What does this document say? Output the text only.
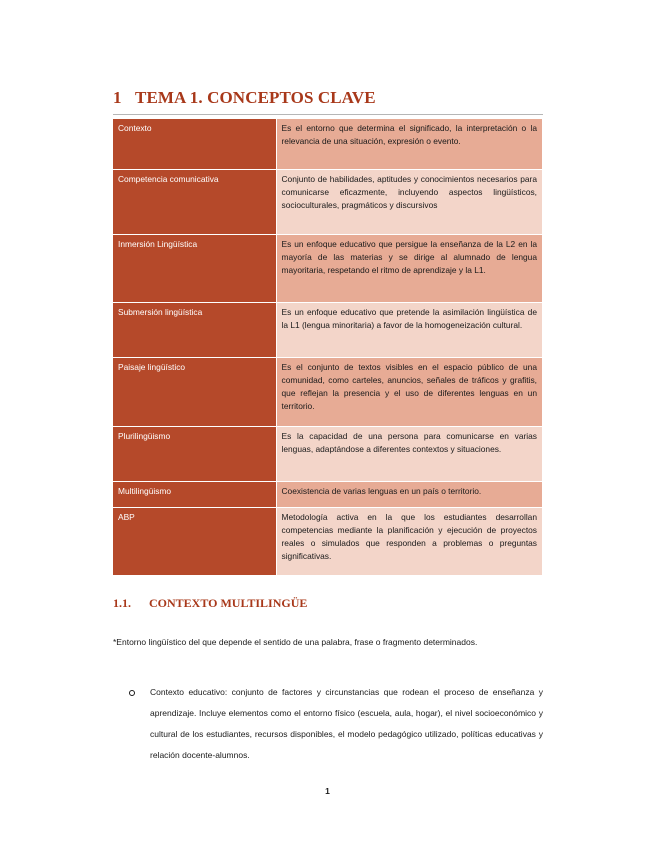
1 TEMA 1. CONCEPTOS CLAVE
Contexto	Es el entorno que determina el significado, la interpretación o la relevancia de una situación, expresión o evento.
Competencia comunicativa	Conjunto de habilidades, aptitudes y conocimientos necesarios para comunicarse eficazmente, incluyendo aspectos lingüísticos, socioculturales, pragmáticos y discursivos
Inmersión Lingüística	Es un enfoque educativo que persigue la enseñanza de la L2 en la mayoría de las materias y se dirige al alumnado de lengua mayoritaria, respetando el ritmo de aprendizaje y la L1.
Submersión lingüística	Es un enfoque educativo que pretende la asimilación lingüística de la L1 (lengua minoritaria) a favor de la homogeneización cultural.
Paisaje lingüístico	Es el conjunto de textos visibles en el espacio público de una comunidad, como carteles, anuncios, señales de tráficos y grafitis, que reflejan la presencia y el uso de diferentes lenguas en un territorio.
Plurilingüismo	Es la capacidad de una persona para comunicarse en varias lenguas, adaptándose a diferentes contextos y situaciones.
Multilingüismo	Coexistencia de varias lenguas en un país o territorio.
ABP	Metodología activa en la que los estudiantes desarrollan competencias mediante la planificación y ejecución de proyectos reales o simulados que responden a problemas o preguntas significativas.
1.1. CONTEXTO MULTILINGÜE
*Entorno lingüístico del que depende el sentido de una palabra, frase o fragmento determinados.
Contexto educativo: conjunto de factores y circunstancias que rodean el proceso de enseñanza y aprendizaje. Incluye elementos como el entorno físico (escuela, aula, hogar), el nivel socioeconómico y cultural de los estudiantes, recursos disponibles, el modelo pedagógico utilizado, políticas educativas y relación docente-alumnos.
1
